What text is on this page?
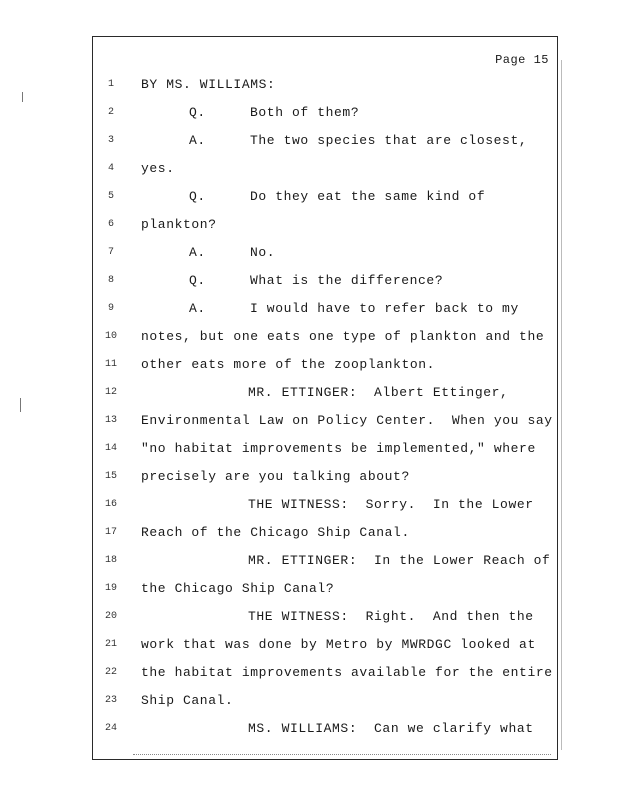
Page 15
1	BY MS. WILLIAMS:
2	Q.	Both of them?
3	A.	The two species that are closest,
4	yes.
5	Q.	Do they eat the same kind of
6	plankton?
7	A.	No.
8	Q.	What is the difference?
9	A.	I would have to refer back to my
10	notes, but one eats one type of plankton and the
11	other eats more of the zooplankton.
12	MR. ETTINGER:  Albert Ettinger,
13	Environmental Law on Policy Center.  When you say
14	"no habitat improvements be implemented," where
15	precisely are you talking about?
16	THE WITNESS:  Sorry.  In the Lower
17	Reach of the Chicago Ship Canal.
18	MR. ETTINGER:  In the Lower Reach of
19	the Chicago Ship Canal?
20	THE WITNESS:  Right.  And then the
21	work that was done by Metro by MWRDGC looked at
22	the habitat improvements available for the entire
23	Ship Canal.
24	MS. WILLIAMS:  Can we clarify what
